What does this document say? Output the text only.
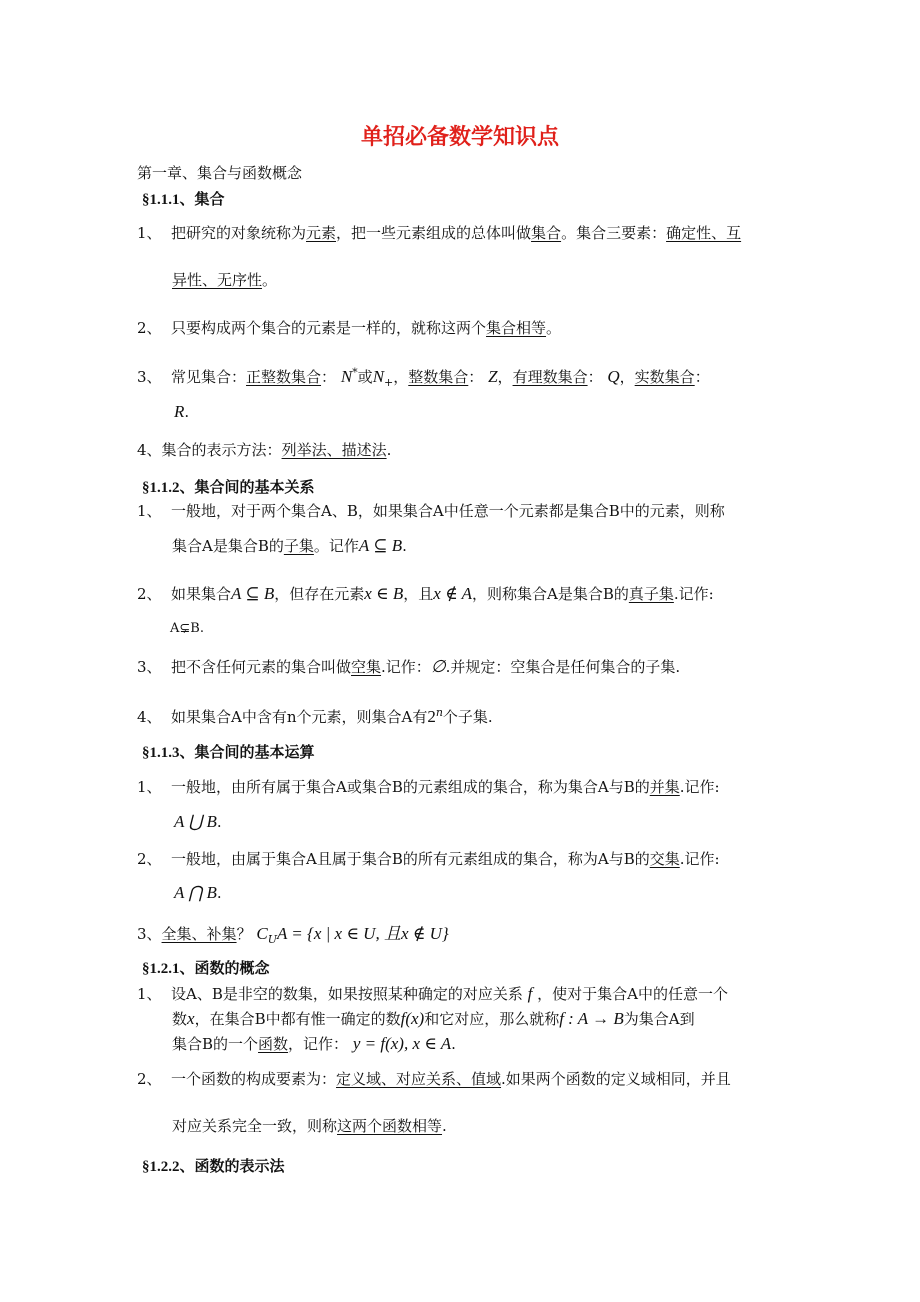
单招必备数学知识点
第一章、集合与函数概念
§1.1.1、集合
1、 把研究的对象统称为元素，把一些元素组成的总体叫做集合。集合三要素：确定性、互
异性、无序性。
2、 只要构成两个集合的元素是一样的，就称这两个集合相等。
3、 常见集合：正整数集合： N*或$N_+$，整数集合： Z，有理数集合： Q，实数集合：
R.
4、集合的表示方法：列举法、描述法.
§1.1.2、集合间的基本关系
1、 一般地，对于两个集合A、B，如果集合A中任意一个元素都是集合B中的元素，则称
集合A是集合B的子集。记作A ⊆ B.
2、 如果集合A ⊆ B，但存在元素x ∈ B，且x ∉ A，则称集合A是集合B的真子集.记作:
A⊊B.
3、 把不含任何元素的集合叫做空集.记作：∅.并规定：空集合是任何集合的子集.
4、 如果集合A中含有n个元素，则集合A有2$^n$个子集.
§1.1.3、集合间的基本运算
1、 一般地，由所有属于集合A或集合B的元素组成的集合，称为集合A与B的并集.记作:
A ⋃ B.
2、 一般地，由属于集合A且属于集合B的所有元素组成的集合，称为A与B的交集.记作:
A ⋂ B.
3、全集、补集？ $C_UA = \{x$ | x ∈ U, 且x ∉ U}
§1.2.1、函数的概念
1、 设A、B是非空的数集，如果按照某种确定的对应关系 f ，使对于集合A中的任意一个
数x，在集合B中都有惟一确定的数f(x)和它对应，那么就称f : A → B为集合A到
集合B的一个函数，记作： y = f(x), x ∈ A.
2、 一个函数的构成要素为：定义域、对应关系、值域.如果两个函数的定义域相同，并且
对应关系完全一致，则称这两个函数相等.
§1.2.2、函数的表示法
